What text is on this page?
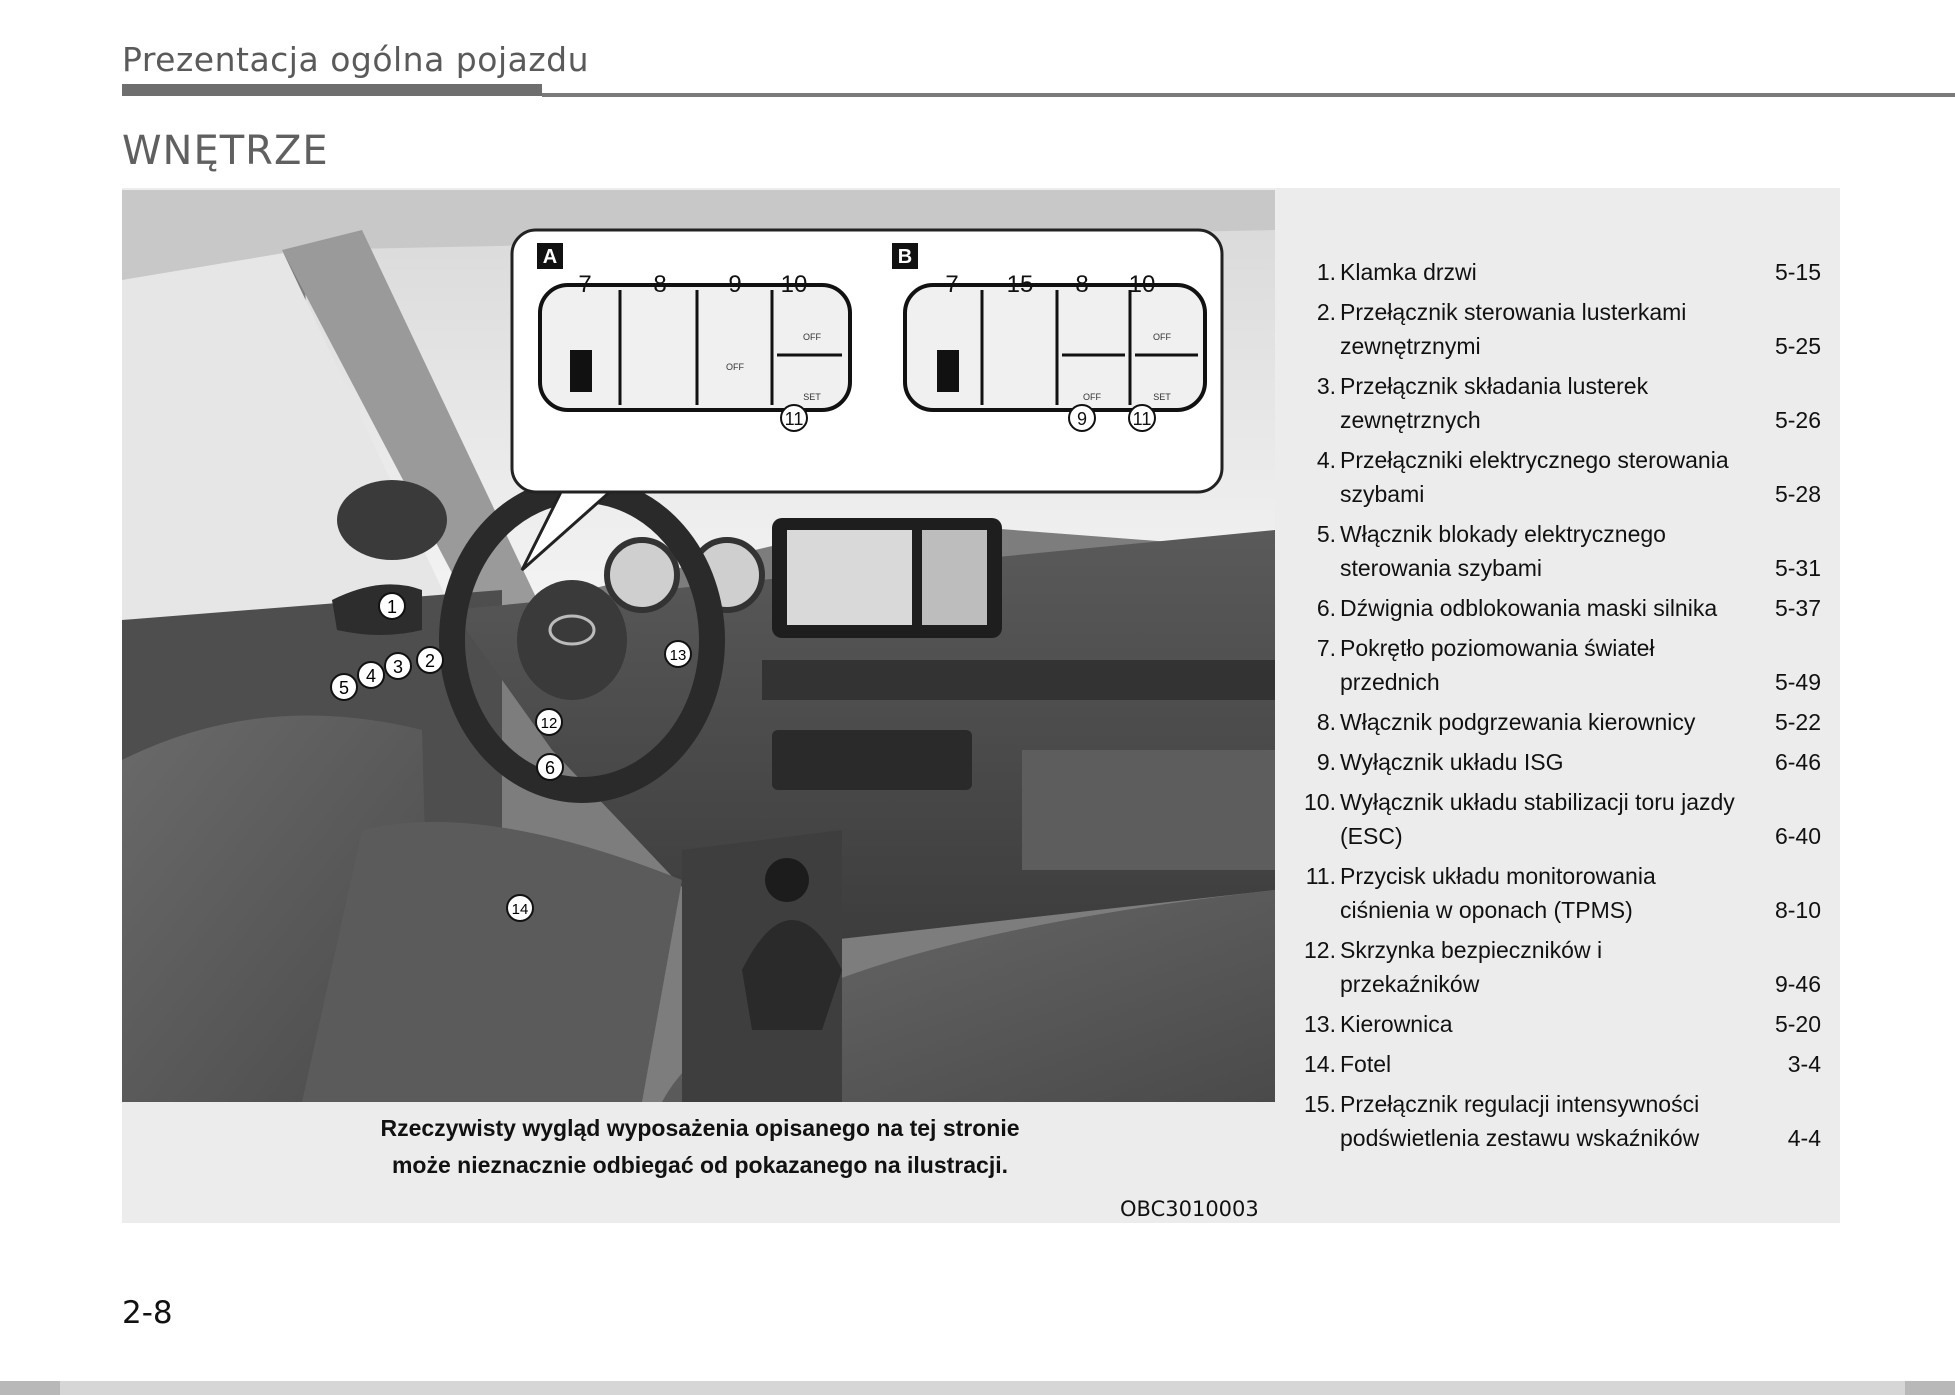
Prezentacja ogólna pojazdu
WNĘTRZE
A
7	8	9 10
OFF
SET
OFF
11
B
7 15 8 10
OFF
SET
OFF
9	11
1
2
3
4
5
6
12
13
14
Rzeczywisty wygląd wyposażenia opisanego na tej stronie
może nieznacznie odbiegać od pokazanego na ilustracji.
OBC3010003
1. Klamka drzwi	5-15
2. Przełącznik sterowania lusterkami zewnętrznymi	5-25
3. Przełącznik składania lusterek zewnętrznych	5-26
4. Przełączniki elektrycznego sterowania szybami	5-28
5. Włącznik blokady elektrycznego sterowania szybami	5-31
6. Dźwignia odblokowania maski silnika	5-37
7. Pokrętło poziomowania świateł przednich	5-49
8. Włącznik podgrzewania kierownicy	5-22
9. Wyłącznik układu ISG	6-46
10. Wyłącznik układu stabilizacji toru jazdy (ESC)	6-40
11. Przycisk układu monitorowania ciśnienia w oponach (TPMS)	8-10
12. Skrzynka bezpieczników i przekaźników	9-46
13. Kierownica	5-20
14. Fotel	3-4
15. Przełącznik regulacji intensywności podświetlenia zestawu wskaźników	4-4
2-8
